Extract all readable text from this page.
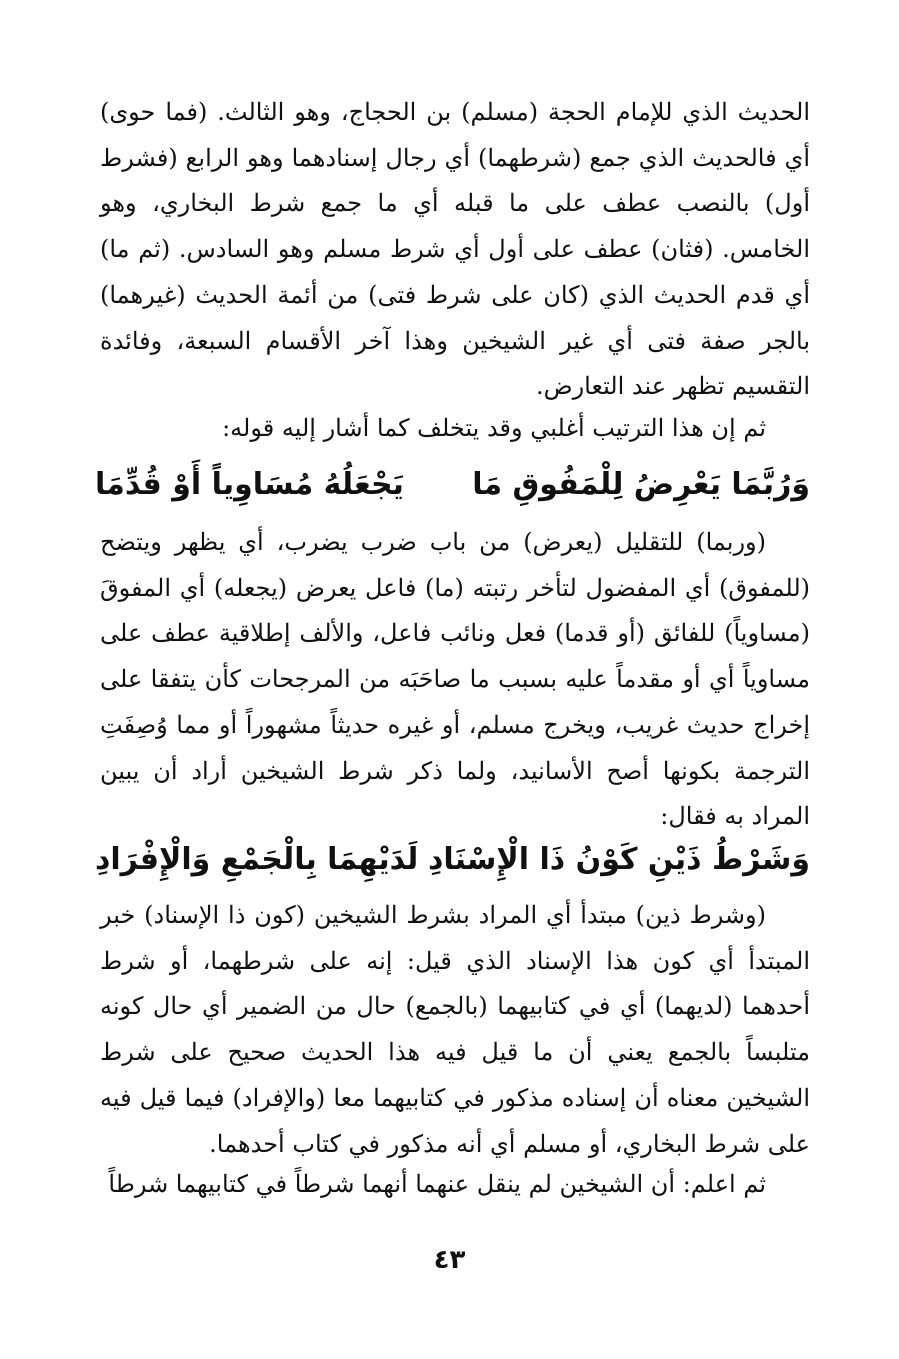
الحديث الذي للإمام الحجة (مسلم) بن الحجاج، وهو الثالث. (فما حوى) أي فالحديث الذي جمع (شرطهما) أي رجال إسنادهما وهو الرابع (فشرط أول) بالنصب عطف على ما قبله أي ما جمع شرط البخاري، وهو الخامس. (فثان) عطف على أول أي شرط مسلم وهو السادس. (ثم ما) أي قدم الحديث الذي (كان على شرط فتى) من أئمة الحديث (غيرهما) بالجر صفة فتى أي غير الشيخين وهذا آخر الأقسام السبعة، وفائدة التقسيم تظهر عند التعارض.

ثم إن هذا الترتيب أغلبي وقد يتخلف كما أشار إليه قوله:

وَرُبَّمَا يَعْرِضُ لِلْمَفُوقِ مَا
يَجْعَلُهُ مُسَاوِياً أَوْ قُدِّمَا

(وربما) للتقليل (يعرض) من باب ضرب يضرب، أي يظهر ويتضح (للمفوق) أي المفضول لتأخر رتبته (ما) فاعل يعرض (يجعله) أي المفوقَ (مساوياً) للفائق (أو قدما) فعل ونائب فاعل، والألف إطلاقية عطف على مساوياً أي أو مقدماً عليه بسبب ما صاحَبَه من المرجحات كأن يتفقا على إخراج حديث غريب، ويخرج مسلم، أو غيره حديثاً مشهوراً أو مما وُصِفَتِ الترجمة بكونها أصح الأسانيد، ولما ذكر شرط الشيخين أراد أن يبين المراد به فقال:

وَشَرْطُ ذَيْنِ كَوْنُ ذَا الْإِسْنَادِ
لَدَيْهِمَا بِالْجَمْعِ وَالْإِفْرَادِ

(وشرط ذين) مبتدأ أي المراد بشرط الشيخين (كون ذا الإسناد) خبر المبتدأ أي كون هذا الإسناد الذي قيل: إنه على شرطهما، أو شرط أحدهما (لديهما) أي في كتابيهما (بالجمع) حال من الضمير أي حال كونه متلبساً بالجمع يعني أن ما قيل فيه هذا الحديث صحيح على شرط الشيخين معناه أن إسناده مذكور في كتابيهما معا (والإفراد) فيما قيل فيه على شرط البخاري، أو مسلم أي أنه مذكور في كتاب أحدهما.

ثم اعلم: أن الشيخين لم ينقل عنهما أنهما شرطاً في كتابيهما شرطاً

٤٣
